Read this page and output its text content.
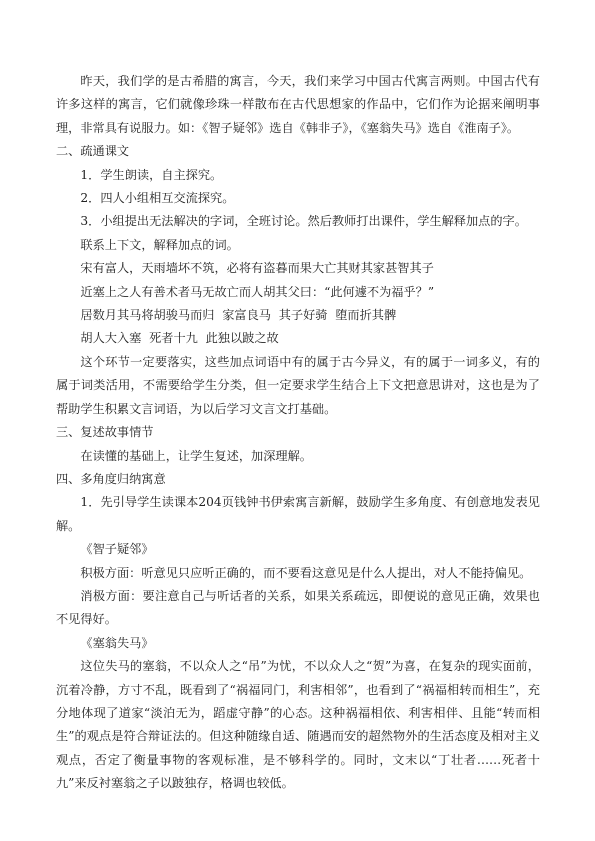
昨天，我们学的是古希腊的寓言，今天，我们来学习中国古代寓言两则。中国古代有许多这样的寓言，它们就像珍珠一样散布在古代思想家的作品中，它们作为论据来阐明事理，非常具有说服力。如：《智子疑邻》选自《韩非子》，《塞翁失马》选自《淮南子》。

二、疏通课文

1．学生朗读，自主探究。

2．四人小组相互交流探究。

3．小组提出无法解决的字词，全班讨论。然后教师打出课件，学生解释加点的字。

联系上下文，解释加点的词。

宋有富人，天雨墙坏不筑，必将有盗暮而果大亡其财其家甚智其子

近塞上之人有善术者马无故亡而人胡其父曰：“此何遽不为福乎？”

居数月其马将胡骏马而归  家富良马  其子好骑  堕而折其髀

胡人大入塞  死者十九  此独以跛之故

这个环节一定要落实，这些加点词语中有的属于古今异义，有的属于一词多义，有的属于词类活用，不需要给学生分类，但一定要求学生结合上下文把意思讲对，这也是为了帮助学生积累文言词语，为以后学习文言文打基础。

三、复述故事情节

在读懂的基础上，让学生复述，加深理解。

四、多角度归纳寓意

1．先引导学生读课本204页钱钟书伊索寓言新解，鼓励学生多角度、有创意地发表见解。

《智子疑邻》

积极方面：听意见只应听正确的，而不要看这意见是什么人提出，对人不能持偏见。

消极方面：要注意自己与听话者的关系，如果关系疏远，即便说的意见正确，效果也不见得好。

《塞翁失马》

这位失马的塞翁，不以众人之“吊”为忧，不以众人之“贺”为喜，在复杂的现实面前，沉着冷静，方寸不乱，既看到了“祸福同门，利害相邻”，也看到了“祸福相转而相生”，充分地体现了道家“淡泊无为，蹈虚守静”的心态。这种祸福相依、利害相伴、且能“转而相生”的观点是符合辩证法的。但这种随缘自适、随遇而安的超然物外的生活态度及相对主义观点，否定了衡量事物的客观标准，是不够科学的。同时，文末以“丁壮者……死者十九”来反衬塞翁之子以跛独存，格调也较低。
